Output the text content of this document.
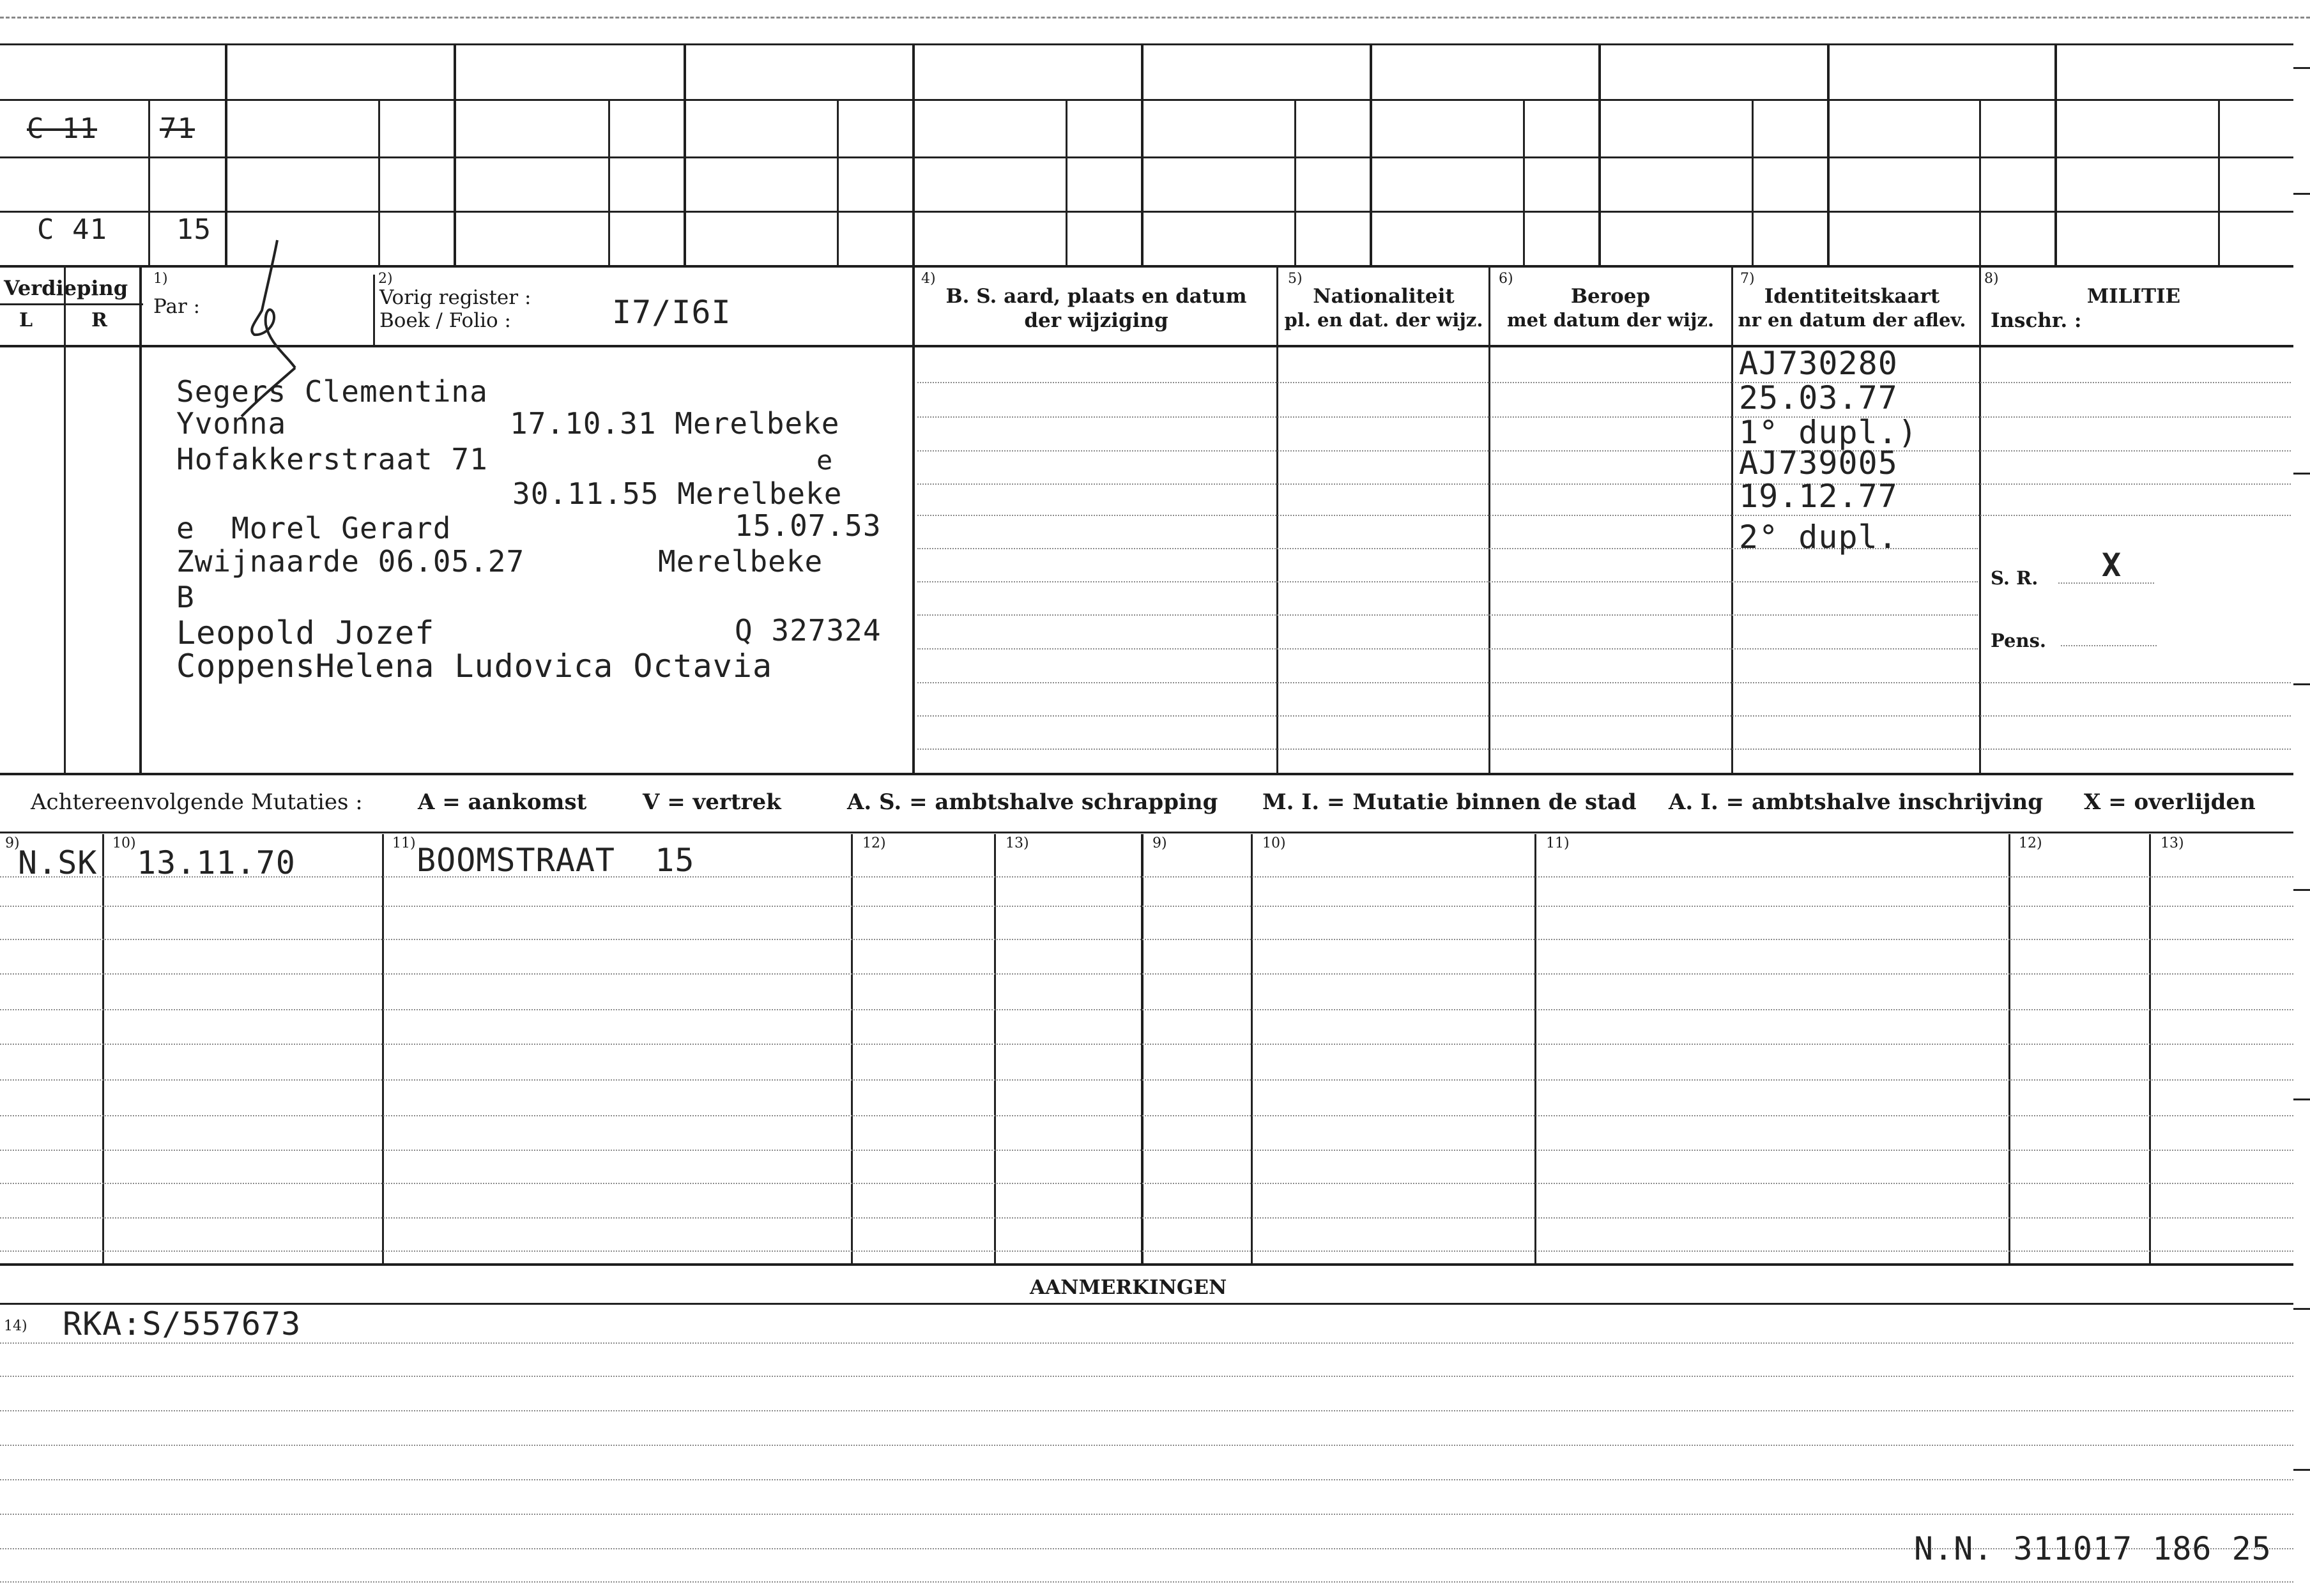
C 11 71
C 41 15
Verdieping
L	R
1)
Par :
2)
Vorig register :
Boek / Folio :	I7/I6I
4)
B. S. aard, plaats en datum
der wijziging
5)
Nationaliteit
pl. en dat. der wijz.
6)
Beroep
met datum der wijz.
7)
Identiteitskaart
nr en datum der aflev.
8)
MILITIE
Inschr. :
S. R. X
Pens.
AJ730280
25.03.77
1° dupl.)
AJ739005
19.12.77
2° dupl.
Segers Clementina
Yvonna	17.10.31 Merelbeke
Hofakkerstraat 71	e
30.11.55 Merelbeke
e  Morel Gerard	15.07.53
Zwijnaarde 06.05.27	Merelbeke
B
Leopold Jozef	Q 327324
CoppensHelena Ludovica Octavia
Achtereenvolgende Mutaties :	A = aankomst	V = vertrek	A. S. = ambtshalve schrapping M. I. = Mutatie binnen de stad A. I. = ambtshalve inschrijving X = overlijden
9)	10)	11)	12)	13)	9)	10)	11)	12)	13)
N.SK 13.11.70	BOOMSTRAAT  15
AANMERKINGEN
14) RKA:S/557673
N.N. 311017 186 25
